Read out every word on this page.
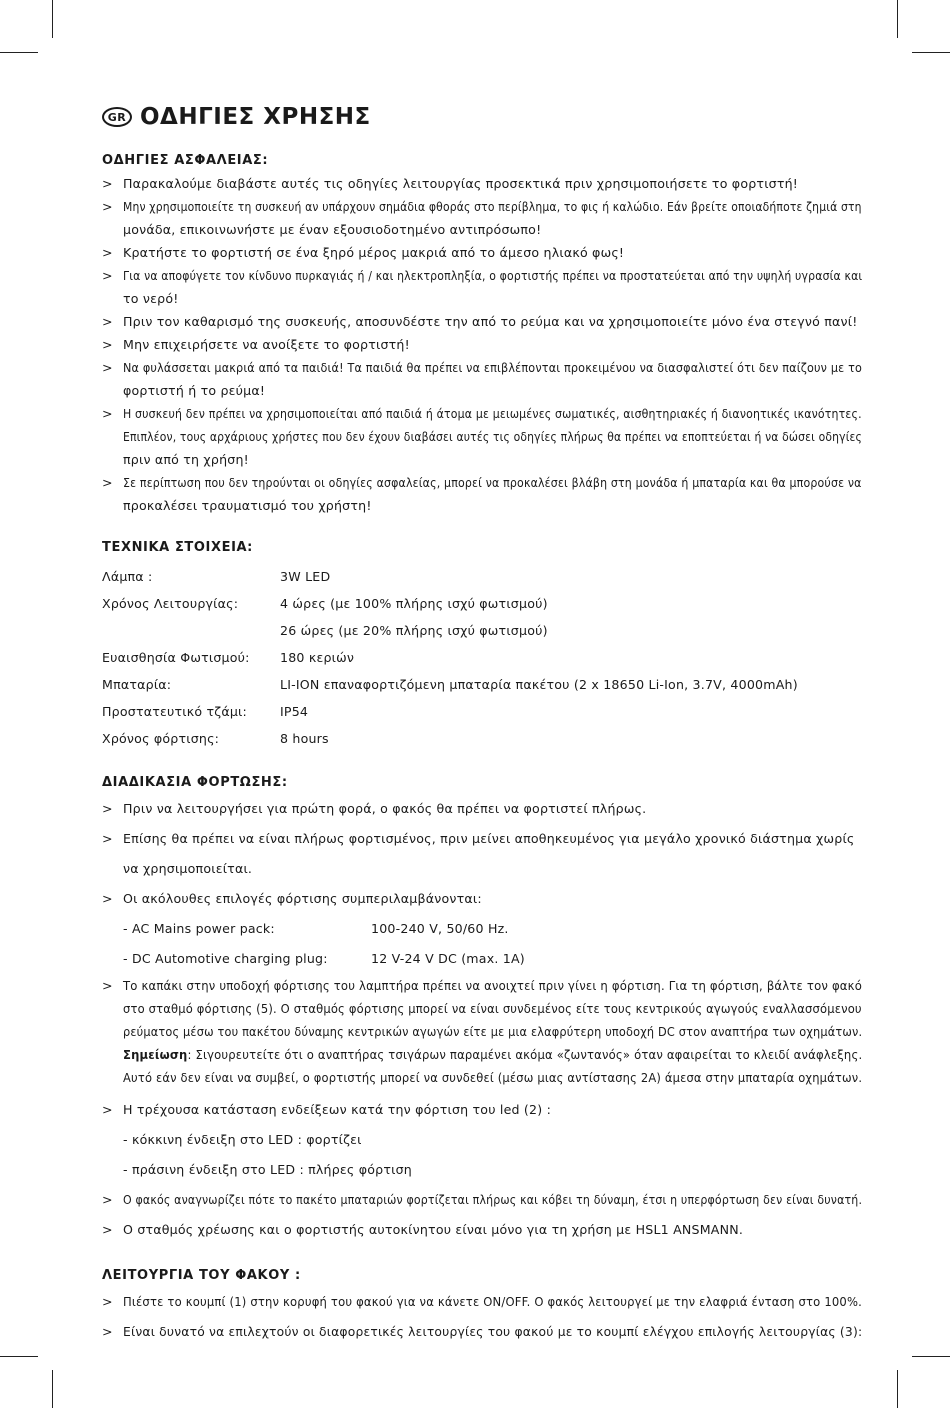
GR ΟΔΗΓΙΕΣ ΧΡΗΣΗΣ
ΟΔΗΓΙΕΣ ΑΣΦΑΛΕΙΑΣ:
> Παρακαλούμε διαβάστε αυτές τις οδηγίες λειτουργίας προσεκτικά πριν χρησιμοποιήσετε το φορτιστή!
> Μην χρησιμοποιείτε τη συσκευή αν υπάρχουν σημάδια φθοράς στο περίβλημα, το φις ή καλώδιο. Εάν βρείτε οποιαδήποτε ζημιά στη
μονάδα, επικοινωνήστε με έναν εξουσιοδοτημένο αντιπρόσωπο!
> Κρατήστε το φορτιστή σε ένα ξηρό μέρος μακριά από το άμεσο ηλιακό φως!
> Για να αποφύγετε τον κίνδυνο πυρκαγιάς ή / και ηλεκτροπληξία, ο φορτιστής πρέπει να προστατεύεται από την υψηλή υγρασία και
το νερό!
> Πριν τον καθαρισμό της συσκευής, αποσυνδέστε την από το ρεύμα και να χρησιμοποιείτε μόνο ένα στεγνό πανί!
> Μην επιχειρήσετε να ανοίξετε το φορτιστή!
> Να φυλάσσεται μακριά από τα παιδιά! Τα παιδιά θα πρέπει να επιβλέπονται προκειμένου να διασφαλιστεί ότι δεν παίζουν με το
φορτιστή ή το ρεύμα!
> Η συσκευή δεν πρέπει να χρησιμοποιείται από παιδιά ή άτομα με μειωμένες σωματικές, αισθητηριακές ή διανοητικές ικανότητες.
Επιπλέον, τους αρχάριους χρήστες που δεν έχουν διαβάσει αυτές τις οδηγίες πλήρως θα πρέπει να εποπτεύεται ή να δώσει οδηγίες
πριν από τη χρήση!
> Σε περίπτωση που δεν τηρούνται οι οδηγίες ασφαλείας, μπορεί να προκαλέσει βλάβη στη μονάδα ή μπαταρία και θα μπορούσε να
προκαλέσει τραυματισμό του χρήστη!
ΤΕΧΝΙΚΑ ΣΤΟΙΧΕΙΑ:
Λάμπα :	3W LED
Χρόνος Λειτουργίας:	4 ώρες (με 100% πλήρης ισχύ φωτισμού)
26 ώρες (με 20% πλήρης ισχύ φωτισμού)
Ευαισθησία Φωτισμού:	180 κεριών
Μπαταρία:	LI-ION επαναφορτιζόμενη μπαταρία πακέτου (2 x 18650 Li-Ion, 3.7V, 4000mAh)
Προστατευτικό τζάμι:	IP54
Χρόνος φόρτισης:	8 hours
ΔΙΑΔΙΚΑΣΙΑ ΦΟΡΤΩΣΗΣ:
> Πριν να λειτουργήσει για πρώτη φορά, ο φακός θα πρέπει να φορτιστεί πλήρως.
> Επίσης θα πρέπει να είναι πλήρως φορτισμένος, πριν μείνει αποθηκευμένος για μεγάλο χρονικό διάστημα χωρίς
να χρησιμοποιείται.
> Οι ακόλουθες επιλογές φόρτισης συμπεριλαμβάνονται:
- AC Mains power pack:	100-240 V, 50/60 Hz.
- DC Automotive charging plug:	12 V-24 V DC (max. 1A)
> Το καπάκι στην υποδοχή φόρτισης του λαμπτήρα πρέπει να ανοιχτεί πριν γίνει η φόρτιση. Για τη φόρτιση, βάλτε τον φακό
στο σταθμό φόρτισης (5). Ο σταθμός φόρτισης μπορεί να είναι συνδεμένος είτε τους κεντρικούς αγωγούς εναλλασσόμενου
ρεύματος μέσω του πακέτου δύναμης κεντρικών αγωγών είτε με μια ελαφρύτερη υποδοχή DC στον αναπτήρα των οχημάτων.
Σημείωση: Σιγουρευτείτε ότι ο αναπτήρας τσιγάρων παραμένει ακόμα «ζωντανός» όταν αφαιρείται το κλειδί ανάφλεξης.
Αυτό εάν δεν είναι να συμβεί, ο φορτιστής μπορεί να συνδεθεί (μέσω μιας αντίστασης 2A) άμεσα στην μπαταρία οχημάτων.
> Η τρέχουσα κατάσταση ενδείξεων κατά την φόρτιση του led (2) :
- κόκκινη ένδειξη στο LED : φορτίζει
- πράσινη ένδειξη στο LED : πλήρες φόρτιση
> Ο φακός αναγνωρίζει πότε το πακέτο μπαταριών φορτίζεται πλήρως και κόβει τη δύναμη, έτσι η υπερφόρτωση δεν είναι δυνατή.
> Ο σταθμός χρέωσης και ο φορτιστής αυτοκίνητου είναι μόνο για τη χρήση με HSL1 ANSMANN.
ΛΕΙΤΟΥΡΓΙΑ ΤΟΥ ΦΑΚΟΥ :
> Πιέστε το κουμπί (1) στην κορυφή του φακού για να κάνετε ON/OFF. Ο φακός λειτουργεί με την ελαφριά ένταση στο 100%.
> Είναι δυνατό να επιλεχτούν οι διαφορετικές λειτουργίες του φακού με το κουμπί ελέγχου επιλογής λειτουργίας (3):
